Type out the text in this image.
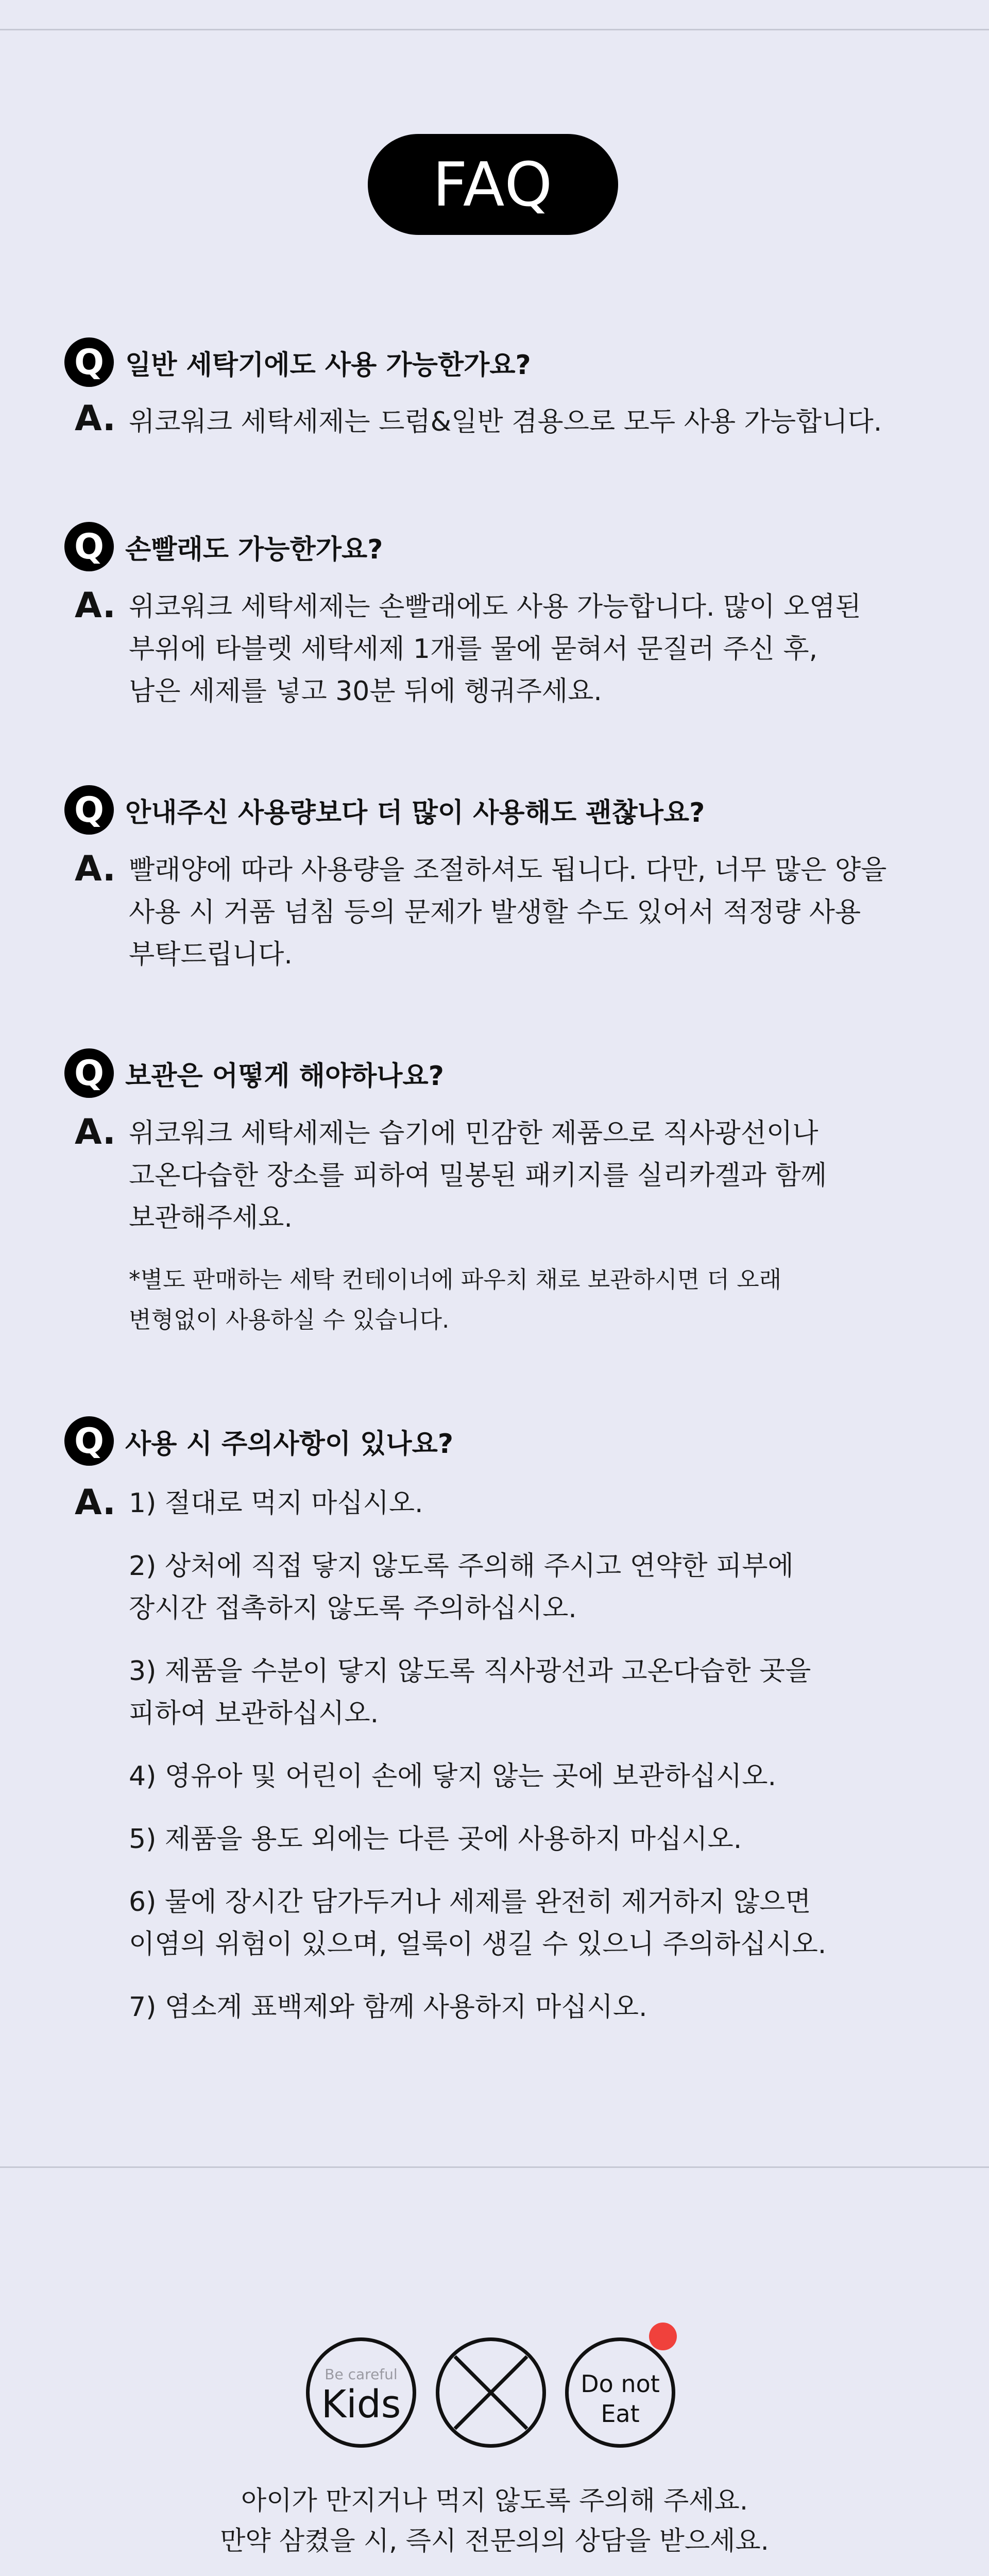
FAQ
Q 일반 세탁기에도 사용 가능한가요?
A. 위코워크 세탁세제는 드럼&일반 겸용으로 모두 사용 가능합니다.
Q 손빨래도 가능한가요?
A. 위코워크 세탁세제는 손빨래에도 사용 가능합니다. 많이 오염된
부위에 타블렛 세탁세제 1개를 물에 묻혀서 문질러 주신 후,
남은 세제를 넣고 30분 뒤에 헹궈주세요.
Q 안내주신 사용량보다 더 많이 사용해도 괜찮나요?
A. 빨래양에 따라 사용량을 조절하셔도 됩니다. 다만, 너무 많은 양을
사용 시 거품 넘침 등의 문제가 발생할 수도 있어서 적정량 사용
부탁드립니다.
Q 보관은 어떻게 해야하나요?
A. 위코워크 세탁세제는 습기에 민감한 제품으로 직사광선이나
고온다습한 장소를 피하여 밀봉된 패키지를 실리카겔과 함께
보관해주세요.
*별도 판매하는 세탁 컨테이너에 파우치 채로 보관하시면 더 오래
변형없이 사용하실 수 있습니다.
Q 사용 시 주의사항이 있나요?
A. 1) 절대로 먹지 마십시오.
2) 상처에 직접 닿지 않도록 주의해 주시고 연약한 피부에
장시간 접촉하지 않도록 주의하십시오.
3) 제품을 수분이 닿지 않도록 직사광선과 고온다습한 곳을
피하여 보관하십시오.
4) 영유아 및 어린이 손에 닿지 않는 곳에 보관하십시오.
5) 제품을 용도 외에는 다른 곳에 사용하지 마십시오.
6) 물에 장시간 담가두거나 세제를 완전히 제거하지 않으면
이염의 위험이 있으며, 얼룩이 생길 수 있으니 주의하십시오.
7) 염소계 표백제와 함께 사용하지 마십시오.
Be careful
Kids	Do not
Eat
아이가 만지거나 먹지 않도록 주의해 주세요.
만약 삼켰을 시, 즉시 전문의의 상담을 받으세요.
